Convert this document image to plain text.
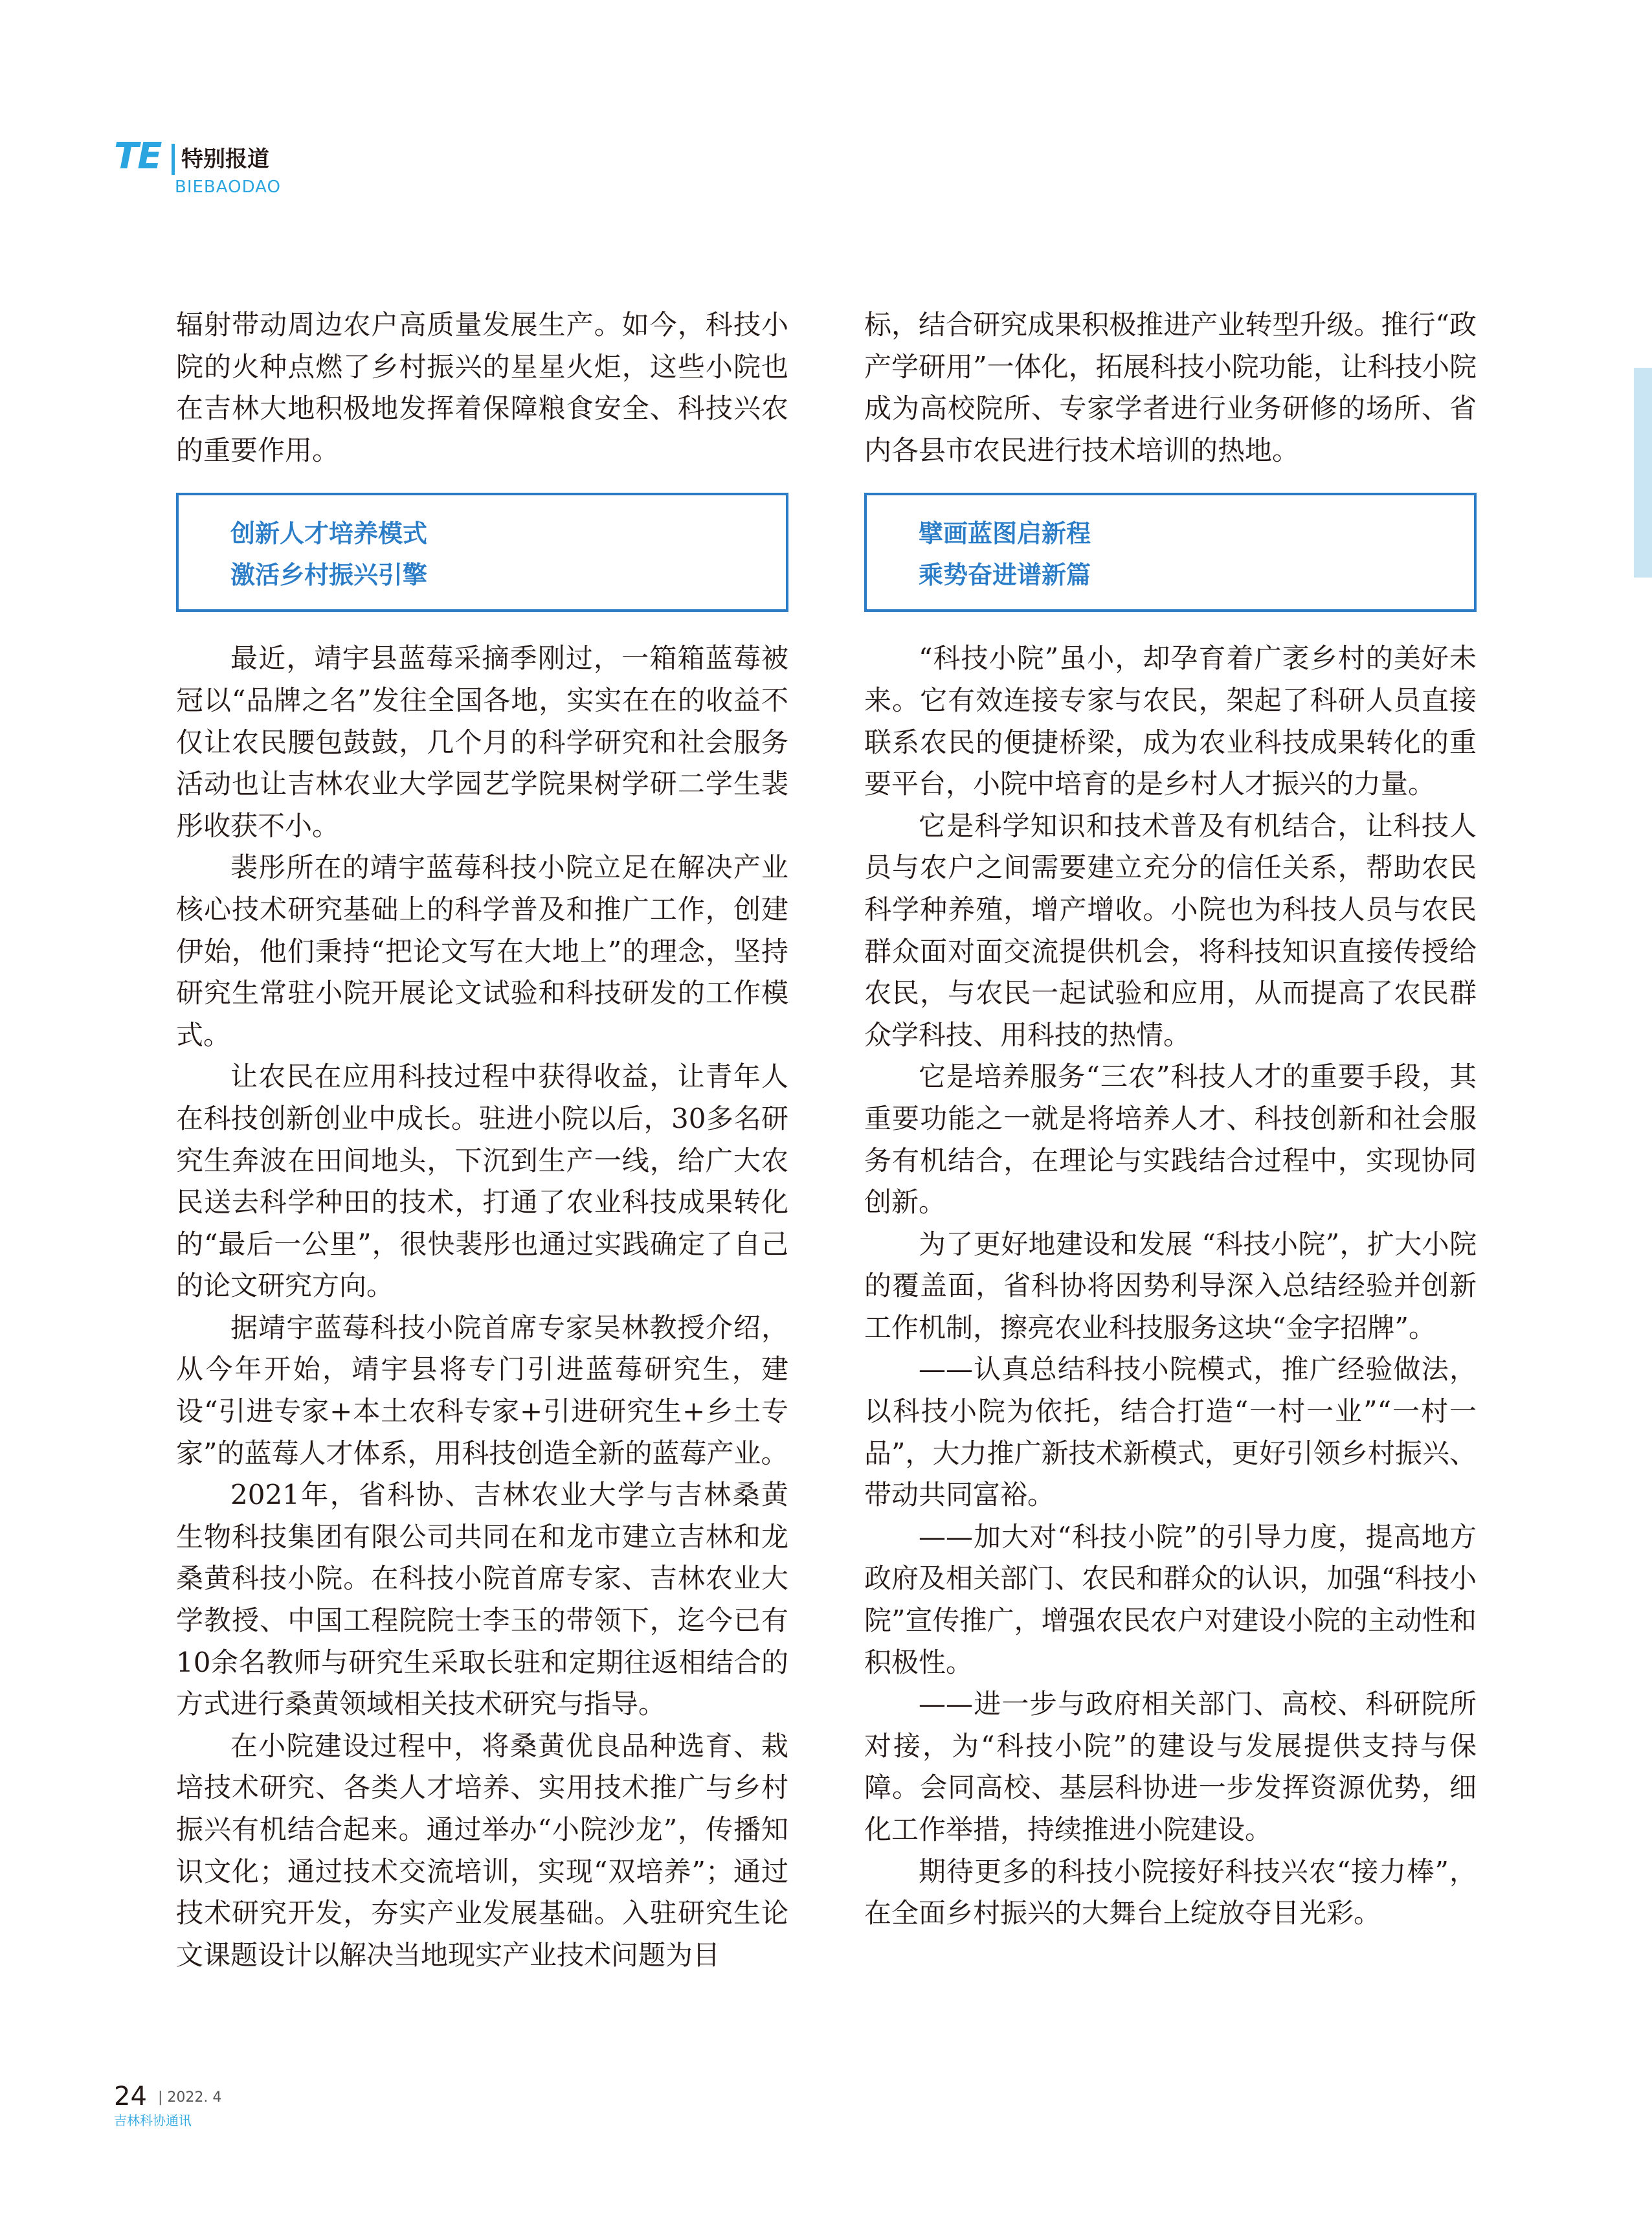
TE 特别报道
BIEBAODAO

辐射带动周边农户高质量发展生产。如今，科技小院的火种点燃了乡村振兴的星星火炬，这些小院也在吉林大地积极地发挥着保障粮食安全、科技兴农的重要作用。

创新人才培养模式
激活乡村振兴引擎

最近，靖宇县蓝莓采摘季刚过，一箱箱蓝莓被冠以“品牌之名”发往全国各地，实实在在的收益不仅让农民腰包鼓鼓，几个月的科学研究和社会服务活动也让吉林农业大学园艺学院果树学研二学生裴彤收获不小。

裴彤所在的靖宇蓝莓科技小院立足在解决产业核心技术研究基础上的科学普及和推广工作，创建伊始，他们秉持“把论文写在大地上”的理念，坚持研究生常驻小院开展论文试验和科技研发的工作模式。

让农民在应用科技过程中获得收益，让青年人在科技创新创业中成长。驻进小院以后，30多名研究生奔波在田间地头，下沉到生产一线，给广大农民送去科学种田的技术，打通了农业科技成果转化的“最后一公里”，很快裴彤也通过实践确定了自己的论文研究方向。

据靖宇蓝莓科技小院首席专家吴林教授介绍，从今年开始，靖宇县将专门引进蓝莓研究生，建设“引进专家+本土农科专家+引进研究生+乡土专家”的蓝莓人才体系，用科技创造全新的蓝莓产业。

2021年，省科协、吉林农业大学与吉林桑黄生物科技集团有限公司共同在和龙市建立吉林和龙桑黄科技小院。在科技小院首席专家、吉林农业大学教授、中国工程院院士李玉的带领下，迄今已有10余名教师与研究生采取长驻和定期往返相结合的方式进行桑黄领域相关技术研究与指导。

在小院建设过程中，将桑黄优良品种选育、栽培技术研究、各类人才培养、实用技术推广与乡村振兴有机结合起来。通过举办“小院沙龙”，传播知识文化；通过技术交流培训，实现“双培养”；通过技术研究开发，夯实产业发展基础。入驻研究生论文课题设计以解决当地现实产业技术问题为目

标，结合研究成果积极推进产业转型升级。推行“政产学研用”一体化，拓展科技小院功能，让科技小院成为高校院所、专家学者进行业务研修的场所、省内各县市农民进行技术培训的热地。

擘画蓝图启新程
乘势奋进谱新篇

“科技小院”虽小，却孕育着广袤乡村的美好未来。它有效连接专家与农民，架起了科研人员直接联系农民的便捷桥梁，成为农业科技成果转化的重要平台，小院中培育的是乡村人才振兴的力量。

它是科学知识和技术普及有机结合，让科技人员与农户之间需要建立充分的信任关系，帮助农民科学种养殖，增产增收。小院也为科技人员与农民群众面对面交流提供机会，将科技知识直接传授给农民，与农民一起试验和应用，从而提高了农民群众学科技、用科技的热情。

它是培养服务“三农”科技人才的重要手段，其重要功能之一就是将培养人才、科技创新和社会服务有机结合，在理论与实践结合过程中，实现协同创新。

为了更好地建设和发展 “科技小院”，扩大小院的覆盖面，省科协将因势利导深入总结经验并创新工作机制，擦亮农业科技服务这块“金字招牌”。

——认真总结科技小院模式，推广经验做法，以科技小院为依托，结合打造“一村一业”“一村一品”，大力推广新技术新模式，更好引领乡村振兴、带动共同富裕。

——加大对“科技小院”的引导力度，提高地方政府及相关部门、农民和群众的认识，加强“科技小院”宣传推广，增强农民农户对建设小院的主动性和积极性。

——进一步与政府相关部门、高校、科研院所对接，为“科技小院”的建设与发展提供支持与保障。会同高校、基层科协进一步发挥资源优势，细化工作举措，持续推进小院建设。

期待更多的科技小院接好科技兴农“接力棒”，在全面乡村振兴的大舞台上绽放夺目光彩。

24 | 2022. 4
吉林科协通讯
